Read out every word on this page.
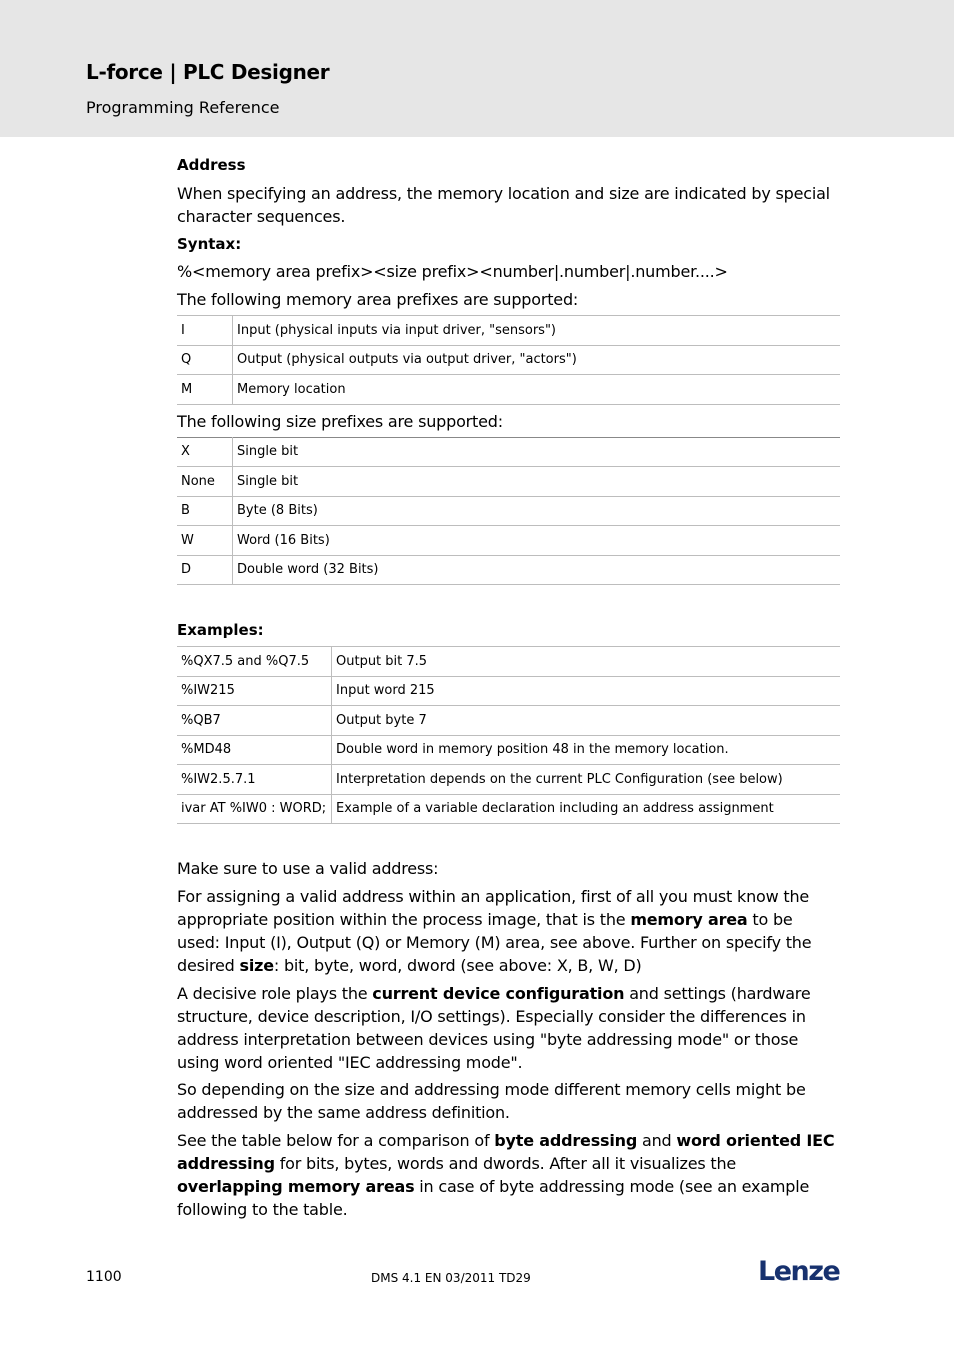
L-force | PLC Designer
Programming Reference
Address
When specifying an address, the memory location and size are indicated by special character sequences.
Syntax:
%<memory area prefix><size prefix><number|.number|.number....>
The following memory area prefixes are supported:
I	Input (physical inputs via input driver, "sensors")
Q	Output (physical outputs via output driver, "actors")
M	Memory location
The following size prefixes are supported:
X	Single bit
None	Single bit
B	Byte (8 Bits)
W	Word (16 Bits)
D	Double word (32 Bits)
Examples:
%QX7.5 and %Q7.5	Output bit 7.5
%IW215	Input word 215
%QB7	Output byte 7
%MD48	Double word in memory position 48 in the memory location.
%IW2.5.7.1	Interpretation depends on the current PLC Configuration (see below)
ivar AT %IW0 : WORD;	Example of a variable declaration including an address assignment
Make sure to use a valid address:
For assigning a valid address within an application, first of all you must know the appropriate position within the process image, that is the memory area to be used: Input (I), Output (Q) or Memory (M) area, see above. Further on specify the desired size: bit, byte, word, dword (see above: X, B, W, D)
A decisive role plays the current device configuration and settings (hardware structure, device description, I/O settings). Especially consider the differences in address interpretation between devices using "byte addressing mode" or those using word oriented "IEC addressing mode".
So depending on the size and addressing mode different memory cells might be addressed by the same address definition.
See the table below for a comparison of byte addressing and word oriented IEC addressing for bits, bytes, words and dwords. After all it visualizes the overlapping memory areas in case of byte addressing mode (see an example following to the table.
1100	DMS 4.1 EN 03/2011 TD29	Lenze
